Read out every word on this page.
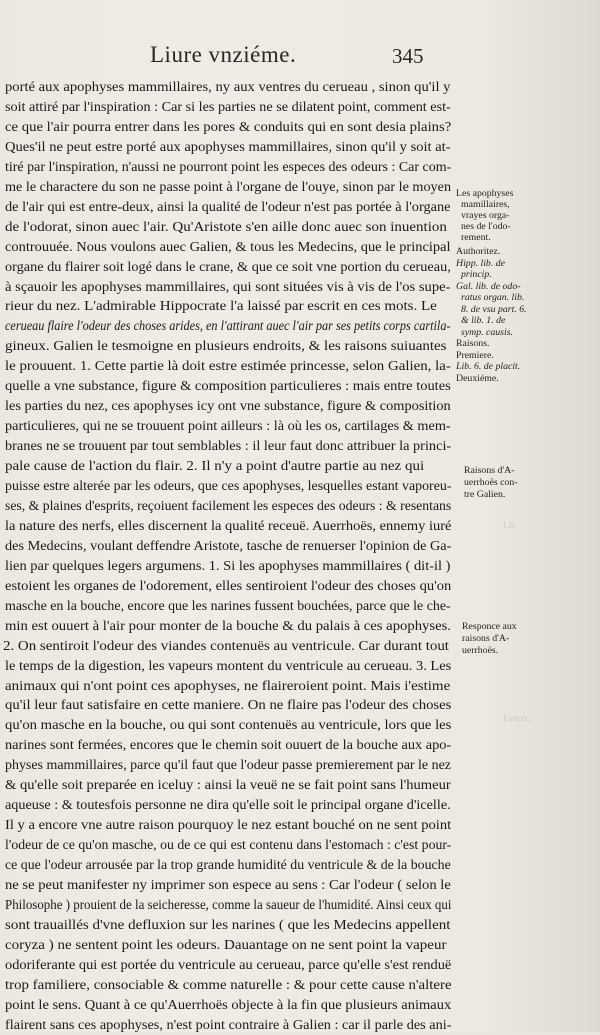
Liure vnziéme.	345
porté aux apophyses mammillaires, ny aux ventres du cerueau , sinon qu'il y
soit attiré par l'inspiration : Car si les parties ne se dilatent point, comment est-
ce que l'air pourra entrer dans les pores & conduits qui en sont desia plains?
Ques'il ne peut estre porté aux apophyses mammillaires, sinon qu'il y soit at-
tiré par l'inspiration, n'aussi ne pourront point les especes des odeurs : Car com-
me le charactere du son ne passe point à l'organe de l'ouye, sinon par le moyen
de l'air qui est entre-deux, ainsi la qualité de l'odeur n'est pas portée à l'organe
de l'odorat, sinon auec l'air. Qu'Aristote s'en aille donc auec son inuention
controuuée. Nous voulons auec Galien, & tous les Medecins, que le principal
organe du flairer soit logé dans le crane, & que ce soit vne portion du cerueau,
à sçauoir les apophyses mammillaires, qui sont situées vis à vis de l'os supe-
rieur du nez. L'admirable Hippocrate l'a laissé par escrit en ces mots. Le
cerueau flaire l'odeur des choses arides, en l'attirant auec l'air par ses petits corps cartila-
gineux. Galien le tesmoigne en plusieurs endroits, & les raisons suiuantes
le prouuent. 1. Cette partie là doit estre estimée princesse, selon Galien, la-
quelle a vne substance, figure & composition particulieres : mais entre toutes
les parties du nez, ces apophyses icy ont vne substance, figure & composition
particulieres, qui ne se trouuent point ailleurs : là où les os, cartilages & mem-
branes ne se trouuent par tout semblables : il leur faut donc attribuer la princi-
pale cause de l'action du flair. 2. Il n'y a point d'autre partie au nez qui
puisse estre alterée par les odeurs, que ces apophyses, lesquelles estant vaporeu-
ses, & plaines d'esprits, reçoiuent facilement les especes des odeurs : & resentans
la nature des nerfs, elles discernent la qualité receuë. Auerrhoës, ennemy iuré
des Medecins, voulant deffendre Aristote, tasche de renuerser l'opinion de Ga-
lien par quelques legers argumens. 1. Si les apophyses mammillaires ( dit-il )
estoient les organes de l'odorement, elles sentiroient l'odeur des choses qu'on
masche en la bouche, encore que les narines fussent bouchées, parce que le che-
min est ouuert à l'air pour monter de la bouche & du palais à ces apophyses.
2. On sentiroit l'odeur des viandes contenuës au ventricule. Car durant tout
le temps de la digestion, les vapeurs montent du ventricule au cerueau. 3. Les
animaux qui n'ont point ces apophyses, ne flaireroient point. Mais i'estime
qu'il leur faut satisfaire en cette maniere. On ne flaire pas l'odeur des choses
qu'on masche en la bouche, ou qui sont contenuës au ventricule, lors que les
narines sont fermées, encores que le chemin soit ouuert de la bouche aux apo-
physes mammillaires, parce qu'il faut que l'odeur passe premierement par le nez
& qu'elle soit preparée en iceluy : ainsi la veuë ne se fait point sans l'humeur
aqueuse : & toutesfois personne ne dira qu'elle soit le principal organe d'icelle.
Il y a encore vne autre raison pourquoy le nez estant bouché on ne sent point
l'odeur de ce qu'on masche, ou de ce qui est contenu dans l'estomach : c'est pour-
ce que l'odeur arrousée par la trop grande humidité du ventricule & de la bouche
ne se peut manifester ny imprimer son espece au sens : Car l'odeur ( selon le
Philosophe ) prouient de la seicheresse, comme la saueur de l'humidité. Ainsi ceux qui
sont trauaillés d'vne defluxion sur les narines ( que les Medecins appellent
coryza ) ne sentent point les odeurs. Dauantage on ne sent point la vapeur
odoriferante qui est portée du ventricule au cerueau, parce qu'elle s'est renduë
trop familiere, consociable & comme naturelle : & pour cette cause n'altere
point le sens. Quant à ce qu'Auerrhoës objecte à la fin que plusieurs animaux
flairent sans ces apophyses, n'est point contraire à Galien : car il parle des ani-
Les apophyses
mamillaires,
vrayes orga-
nes de l'odo-
rement.
Authoritez.
Hipp. lib. de
princip.
Gal. lib. de odo-
ratus organ. lib.
8. de vsu part. 6.
& lib. 1. de
symp. causis.
Raisons.
Premiere.
Lib. 6. de placit.
Deuxiéme.
Raisons d'A-
uerrhoës con-
tre Galien.
Responce aux
raisons d'A-
uerrhoës.
Lib.
Fadem.
